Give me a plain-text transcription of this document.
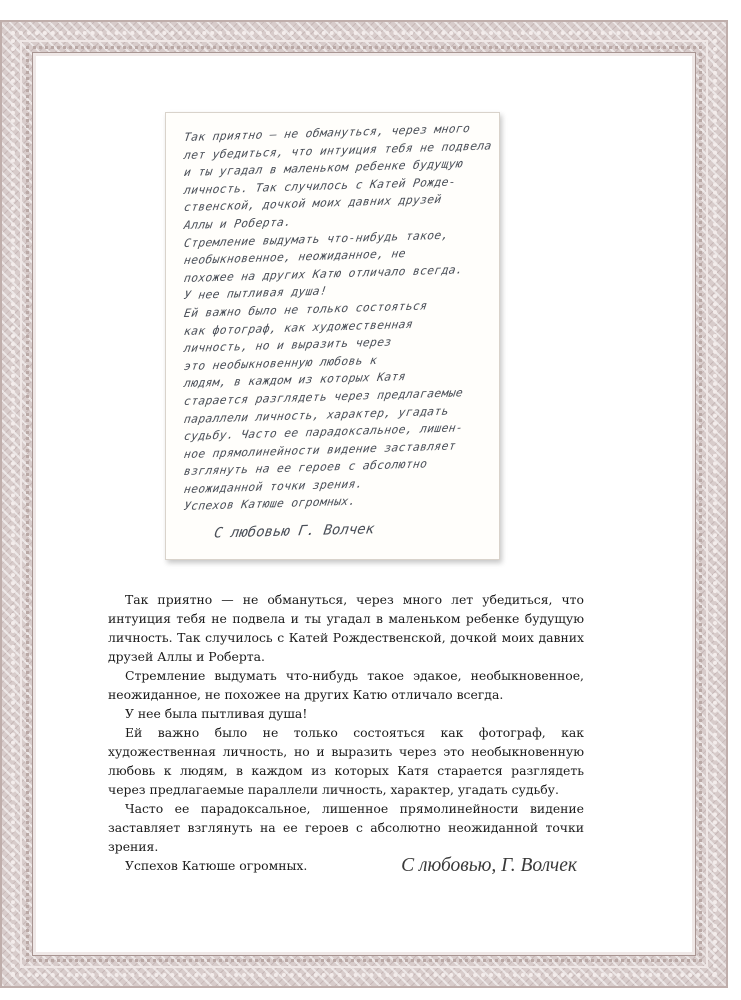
Так приятно — не обмануться, через много

лет убедиться, что интуиция тебя не подвела

и ты угадал в маленьком ребенке будущую

личность. Так случилось с Катей Рожде-

ственской, дочкой моих давних друзей

Аллы и Роберта.

Стремление выдумать что-нибудь такое,

необыкновенное, неожиданное, не

похожее на других Катю отличало всегда.

У нее пытливая душа!

Ей важно было не только состояться

как фотограф, как художественная

личность, но и выразить через

это необыкновенную любовь к

людям, в каждом из которых Катя

старается разглядеть через предлагаемые

параллели личность, характер, угадать

судьбу. Часто ее парадоксальное, лишен-

ное прямолинейности видение заставляет

взглянуть на ее героев с абсолютно

неожиданной точки зрения.

Успехов Катюше огромных.

С любовью Г. Волчек

Так приятно — не обмануться, через много лет убедиться, что интуиция тебя не подвела и ты угадал в маленьком ребенке будущую личность. Так случилось с Катей Рождественской, дочкой моих давних друзей Аллы и Роберта.

Стремление выдумать что-нибудь такое эдакое, необыкновенное, неожиданное, не похожее на других Катю отличало всегда.

У нее была пытливая душа!

Ей важно было не только состояться как фотограф, как художественная личность, но и выразить через это необыкновенную любовь к людям, в каждом из которых Катя старается разглядеть через предлагаемые параллели личность, характер, угадать судьбу.

Часто ее парадоксальное, лишенное прямолинейности видение заставляет взглянуть на ее героев с абсолютно неожиданной точки зрения.

Успехов Катюше огромных.	С любовью, Г. Волчек
